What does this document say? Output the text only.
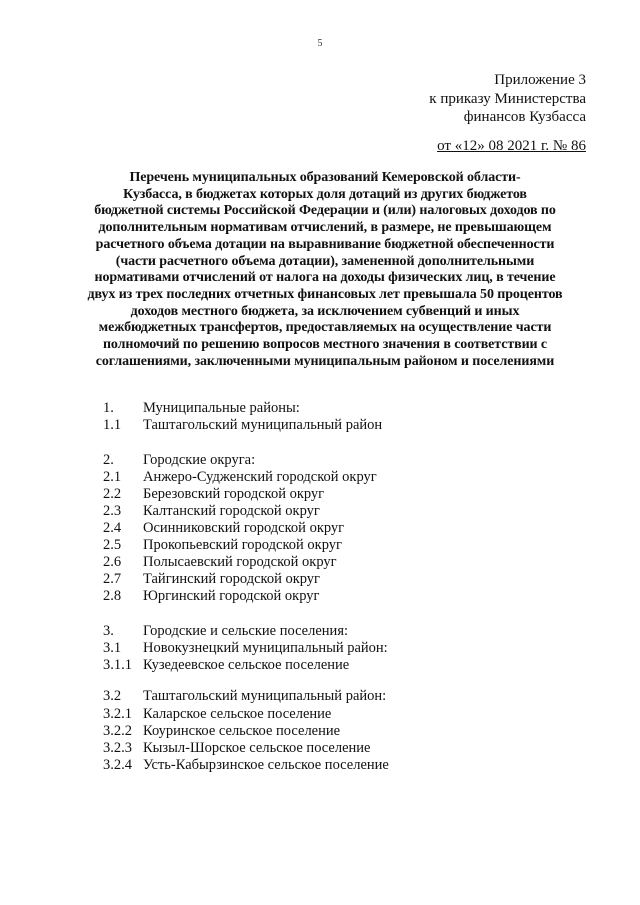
5
Приложение 3
к приказу Министерства
финансов Кузбасса
от «12» 08 2021 г. № 86
Перечень муниципальных образований Кемеровской области-
Кузбасса, в бюджетах которых доля дотаций из других бюджетов
бюджетной системы Российской Федерации и (или) налоговых доходов по
дополнительным нормативам отчислений, в размере, не превышающем
расчетного объема дотации на выравнивание бюджетной обеспеченности
(части расчетного объема дотации), замененной дополнительными
нормативами отчислений от налога на доходы физических лиц, в течение
двух из трех последних отчетных финансовых лет превышала 50 процентов
доходов местного бюджета, за исключением субвенций и иных
межбюджетных трансфертов, предоставляемых на осуществление части
полномочий по решению вопросов местного значения в соответствии с
соглашениями, заключенными муниципальным районом и поселениями
1.	Муниципальные районы:
1.1	Таштагольский муниципальный район
2.	Городские округа:
2.1	Анжеро-Судженский городской округ
2.2	Березовский городской округ
2.3	Калтанский городской округ
2.4	Осинниковский городской округ
2.5	Прокопьевский городской округ
2.6	Полысаевский городской округ
2.7	Тайгинский городской округ
2.8	Юргинский городской округ
3.	Городские и сельские поселения:
3.1	Новокузнецкий муниципальный район:
3.1.1 Кузедеевское сельское поселение
3.2	Таштагольский муниципальный район:
3.2.1 Каларское сельское поселение
3.2.2 Коуринское сельское поселение
3.2.3 Кызыл-Шорское сельское поселение
3.2.4 Усть-Кабырзинское сельское поселение
